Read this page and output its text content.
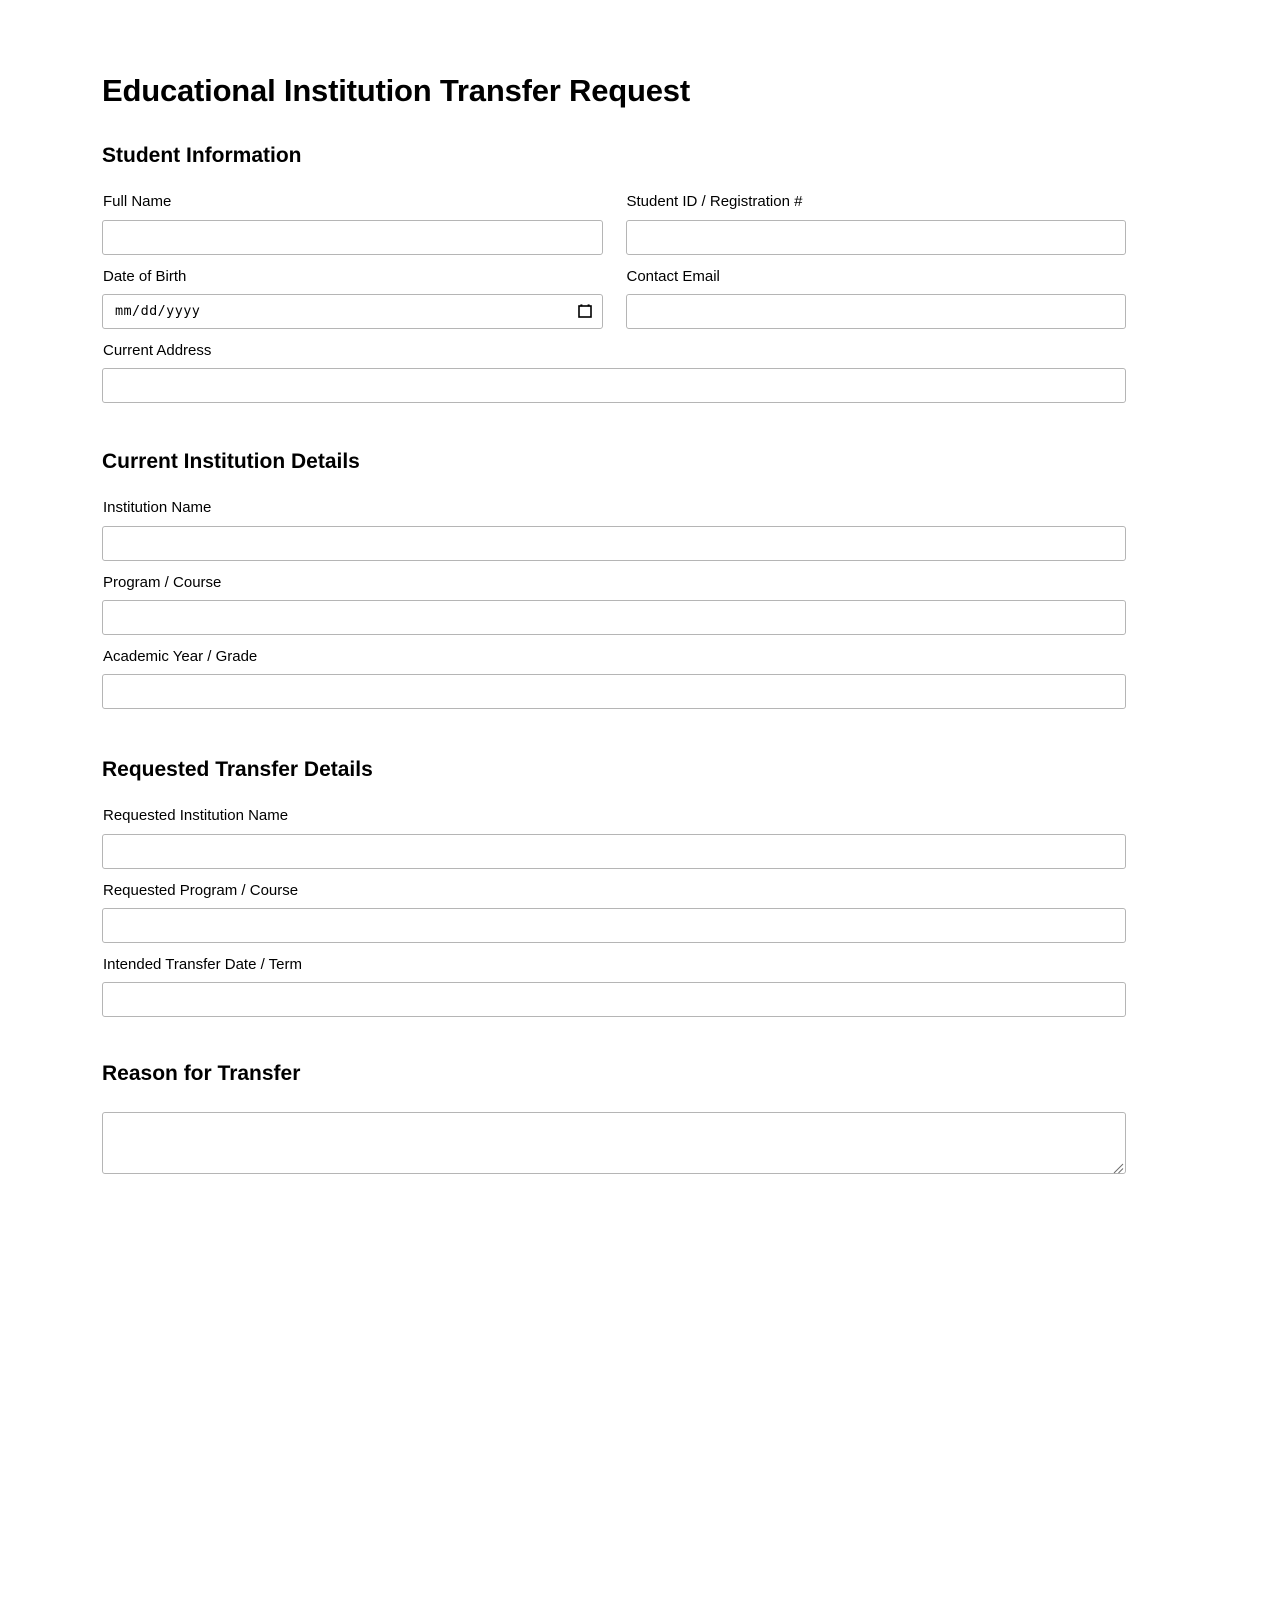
Educational Institution Transfer Request
Student Information
Full Name	Student ID / Registration #
Date of Birth
mm/dd/yyyy
Contact Email
Current Address
Current Institution Details
Institution Name
Program / Course
Academic Year / Grade
Requested Transfer Details
Requested Institution Name
Requested Program / Course
Intended Transfer Date / Term
Reason for Transfer
